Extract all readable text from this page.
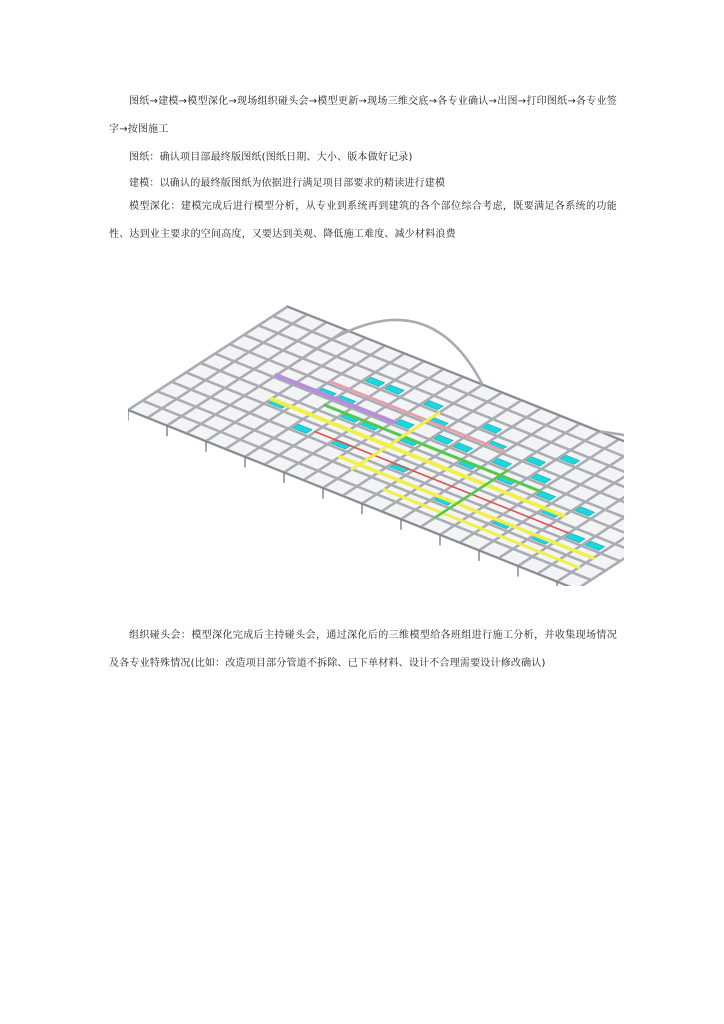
图纸→建模→模型深化→现场组织碰头会→模型更新→现场三维交底→各专业确认→出图→打印图纸→各专业签字→按图施工

图纸：确认项目部最终版图纸(图纸日期、大小、版本做好记录)

建模：以确认的最终版图纸为依据进行满足项目部要求的精读进行建模

模型深化：建模完成后进行模型分析，从专业到系统再到建筑的各个部位综合考虑，既要满足各系统的功能性、达到业主要求的空间高度，又要达到美观、降低施工难度、减少材料浪费

组织碰头会：模型深化完成后主持碰头会，通过深化后的三维模型给各班组进行施工分析，并收集现场情况及各专业特殊情况(比如：改造项目部分管道不拆除、已下单材料、设计不合理需要设计修改确认)
